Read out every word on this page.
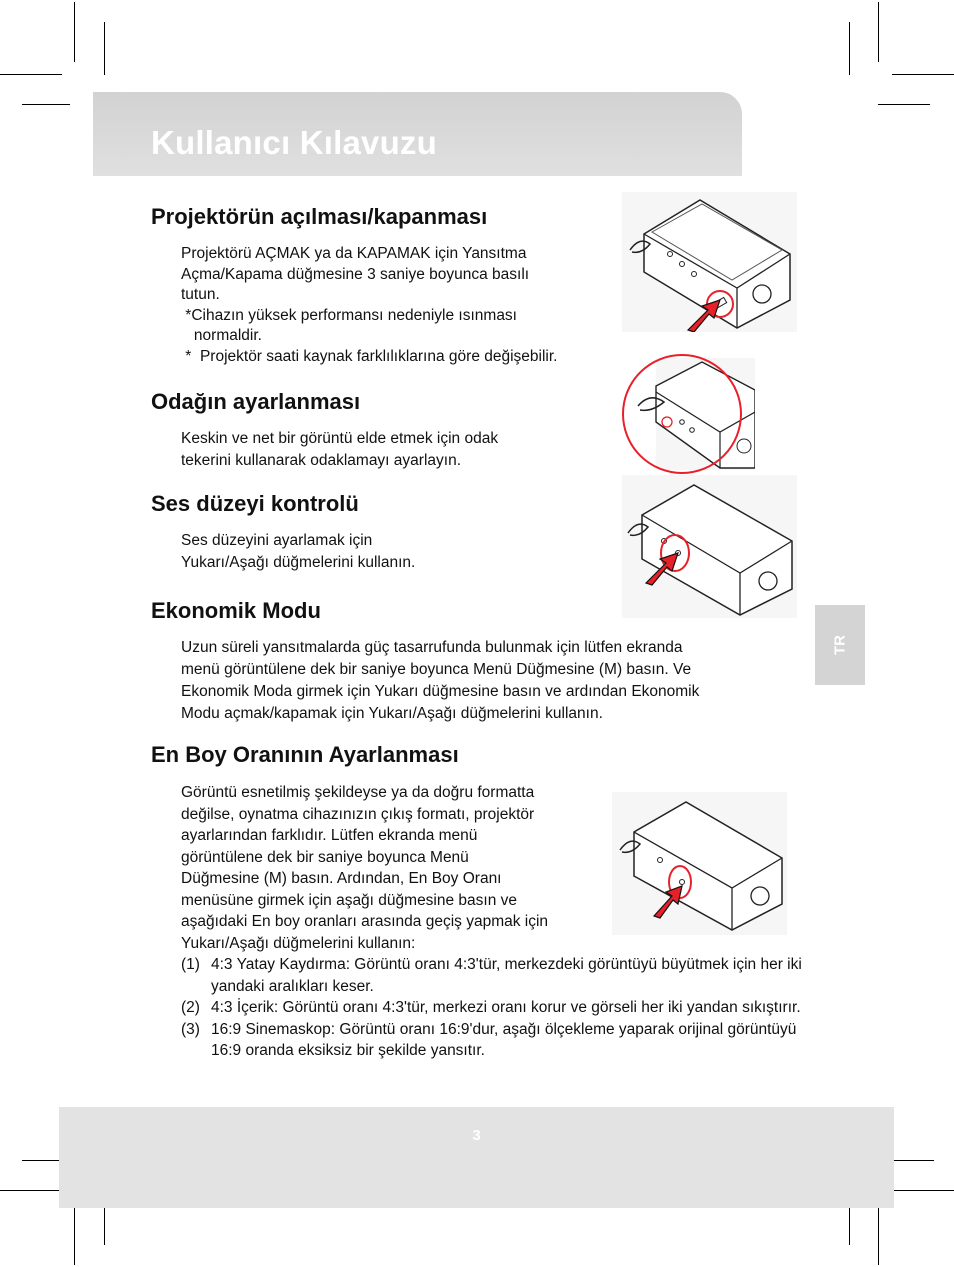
Kullanıcı Kılavuzu
Projektörün açılması/kapanması
Projektörü AÇMAK ya da KAPAMAK için Yansıtma
Açma/Kapama düğmesine 3 saniye boyunca basılı
tutun.
*Cihazın yüksek performansı nedeniyle ısınması
normaldir.
*  Projektör saati kaynak farklılıklarına göre değişebilir.
Odağın ayarlanması
Keskin ve net bir görüntü elde etmek için odak
tekerini kullanarak odaklamayı ayarlayın.
Ses düzeyi kontrolü
Ses düzeyini ayarlamak için
Yukarı/Aşağı düğmelerini kullanın.
Ekonomik Modu
Uzun süreli yansıtmalarda güç tasarrufunda bulunmak için lütfen ekranda
menü görüntülene dek bir saniye boyunca Menü Düğmesine (M) basın. Ve
Ekonomik Moda girmek için Yukarı düğmesine basın ve ardından Ekonomik
Modu açmak/kapamak için Yukarı/Aşağı düğmelerini kullanın.
En Boy Oranının Ayarlanması
Görüntü esnetilmiş şekildeyse ya da doğru formatta
değilse, oynatma cihazınızın çıkış formatı, projektör
ayarlarından farklıdır. Lütfen ekranda menü
görüntülene dek bir saniye boyunca Menü
Düğmesine (M) basın. Ardından, En Boy Oranı
menüsüne girmek için aşağı düğmesine basın ve
aşağıdaki En boy oranları arasında geçiş yapmak için
Yukarı/Aşağı düğmelerini kullanın:
(1) 4:3 Yatay Kaydırma: Görüntü oranı 4:3'tür, merkezdeki görüntüyü büyütmek için her iki yandaki aralıkları keser.
(2) 4:3 İçerik: Görüntü oranı 4:3'tür, merkezi oranı korur ve görseli her iki yandan sıkıştırır.
(3) 16:9 Sinemaskop: Görüntü oranı 16:9'dur, aşağı ölçekleme yaparak orijinal görüntüyü 16:9 oranda eksiksiz bir şekilde yansıtır.
TR
3
